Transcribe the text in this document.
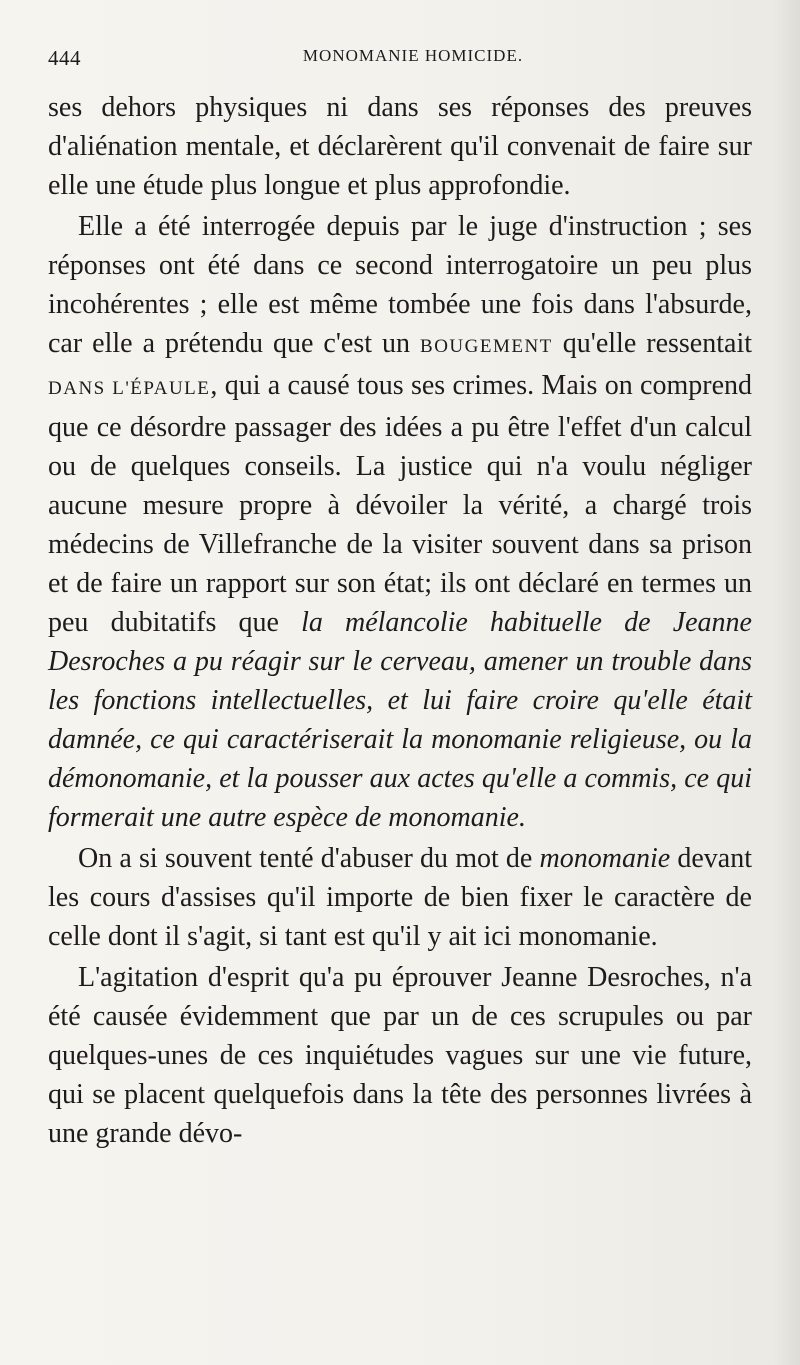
444	MONOMANIE HOMICIDE.

ses dehors physiques ni dans ses réponses des preuves d'aliénation mentale, et déclarèrent qu'il convenait de faire sur elle une étude plus longue et plus approfondie.

Elle a été interrogée depuis par le juge d'instruction ; ses réponses ont été dans ce second interrogatoire un peu plus incohérentes ; elle est même tombée une fois dans l'absurde, car elle a prétendu que c'est un BOUGEMENT qu'elle ressentait DANS L'ÉPAULE, qui a causé tous ses crimes. Mais on comprend que ce désordre passager des idées a pu être l'effet d'un calcul ou de quelques conseils. La justice qui n'a voulu négliger aucune mesure propre à dévoiler la vérité, a chargé trois médecins de Villefranche de la visiter souvent dans sa prison et de faire un rapport sur son état; ils ont déclaré en termes un peu dubitatifs que la mélancolie habituelle de Jeanne Desroches a pu réagir sur le cerveau, amener un trouble dans les fonctions intellectuelles, et lui faire croire qu'elle était damnée, ce qui caractériserait la monomanie religieuse, ou la démonomanie, et la pousser aux actes qu'elle a commis, ce qui formerait une autre espèce de monomanie.

On a si souvent tenté d'abuser du mot de monomanie devant les cours d'assises qu'il importe de bien fixer le caractère de celle dont il s'agit, si tant est qu'il y ait ici monomanie.

L'agitation d'esprit qu'a pu éprouver Jeanne Desroches, n'a été causée évidemment que par un de ces scrupules ou par quelques-unes de ces inquiétudes vagues sur une vie future, qui se placent quelquefois dans la tête des personnes livrées à une grande dévo-
